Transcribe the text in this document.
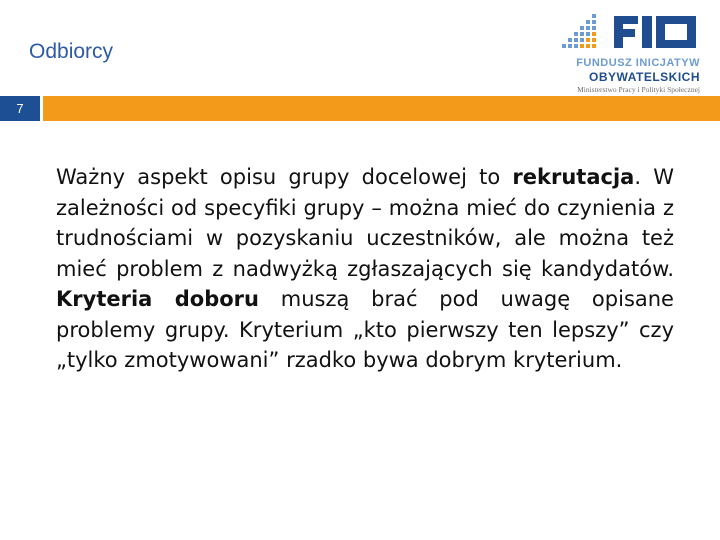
Odbiorcy	FUNDUSZ INICJATYW
OBYWATELSKICH
Ministerstwo Pracy i Polityki Społecznej
7
Ważny aspekt opisu grupy docelowej to rekrutacja. W zależności od specyfiki grupy – można mieć do czynienia z trudnościami w pozyskaniu uczestników, ale można też mieć problem z nadwyżką zgłaszających się kandydatów. Kryteria doboru muszą brać pod uwagę opisane problemy grupy. Kryterium „kto pierwszy ten lepszy” czy „tylko zmotywowani” rzadko bywa dobrym kryterium.
